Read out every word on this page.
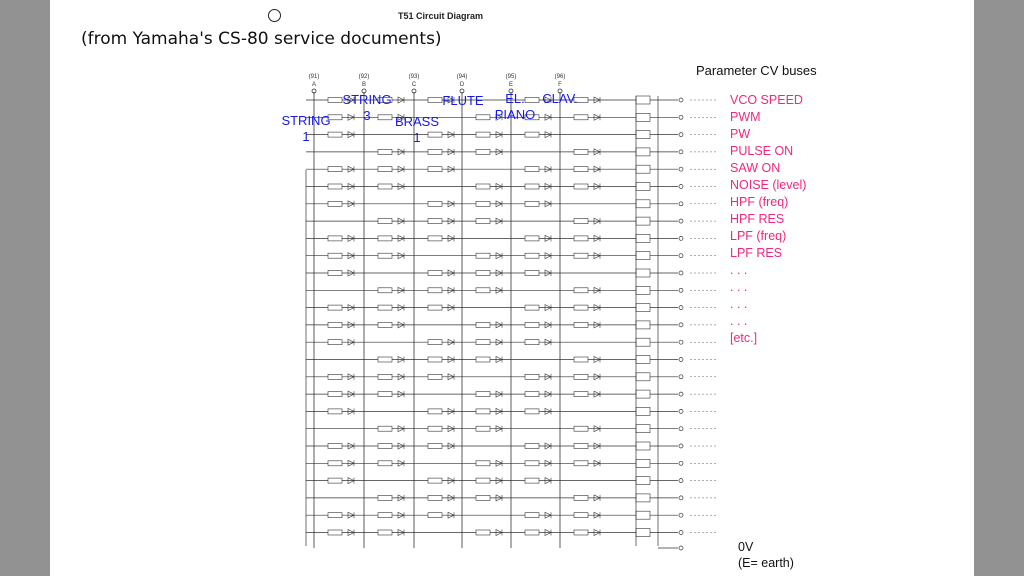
T51 Circuit Diagram
(from Yamaha's CS-80 service documents)
Parameter CV buses
(91)
A
(92)
B
(93)
C
(94)
D
(95)
E
(96)
F
STRING
1
STRING
3	BRASS
1
FLUTE	EL.
PIANO
CLAV.	VCO SPEED
PWM
PW
PULSE ON
SAW ON
NOISE (level)
HPF (freq)
HPF RES
LPF (freq)
LPF RES
. . .
. . .
. . .
. . .
[etc.]
0V
(E= earth)
